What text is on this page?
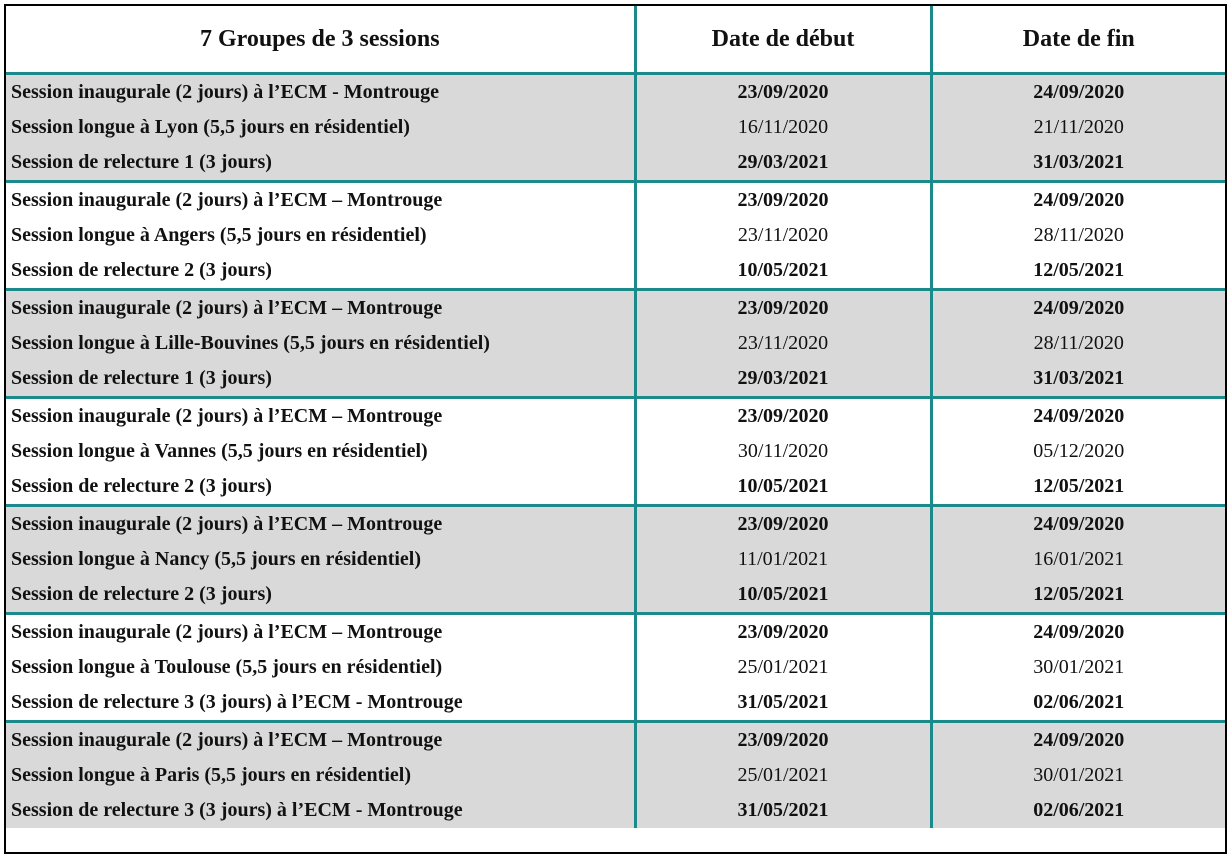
7 Groupes de 3 sessions	Date de début	Date de fin
Session inaugurale (2 jours) à l’ECM - Montrouge	23/09/2020	24/09/2020
Session longue à Lyon (5,5 jours en résidentiel)	16/11/2020	21/11/2020
Session de relecture 1 (3 jours)	29/03/2021	31/03/2021
Session inaugurale (2 jours) à l’ECM – Montrouge	23/09/2020	24/09/2020
Session longue à Angers (5,5 jours en résidentiel)	23/11/2020	28/11/2020
Session de relecture 2 (3 jours)	10/05/2021	12/05/2021
Session inaugurale (2 jours) à l’ECM – Montrouge	23/09/2020	24/09/2020
Session longue à Lille-Bouvines (5,5 jours en résidentiel)	23/11/2020	28/11/2020
Session de relecture 1 (3 jours)	29/03/2021	31/03/2021
Session inaugurale (2 jours) à l’ECM – Montrouge	23/09/2020	24/09/2020
Session longue à Vannes (5,5 jours en résidentiel)	30/11/2020	05/12/2020
Session de relecture 2 (3 jours)	10/05/2021	12/05/2021
Session inaugurale (2 jours) à l’ECM – Montrouge	23/09/2020	24/09/2020
Session longue à Nancy (5,5 jours en résidentiel)	11/01/2021	16/01/2021
Session de relecture 2 (3 jours)	10/05/2021	12/05/2021
Session inaugurale (2 jours) à l’ECM – Montrouge	23/09/2020	24/09/2020
Session longue à Toulouse (5,5 jours en résidentiel)	25/01/2021	30/01/2021
Session de relecture 3 (3 jours) à l’ECM - Montrouge	31/05/2021	02/06/2021
Session inaugurale (2 jours) à l’ECM – Montrouge	23/09/2020	24/09/2020
Session longue à Paris (5,5 jours en résidentiel)	25/01/2021	30/01/2021
Session de relecture 3 (3 jours) à l’ECM - Montrouge	31/05/2021	02/06/2021
